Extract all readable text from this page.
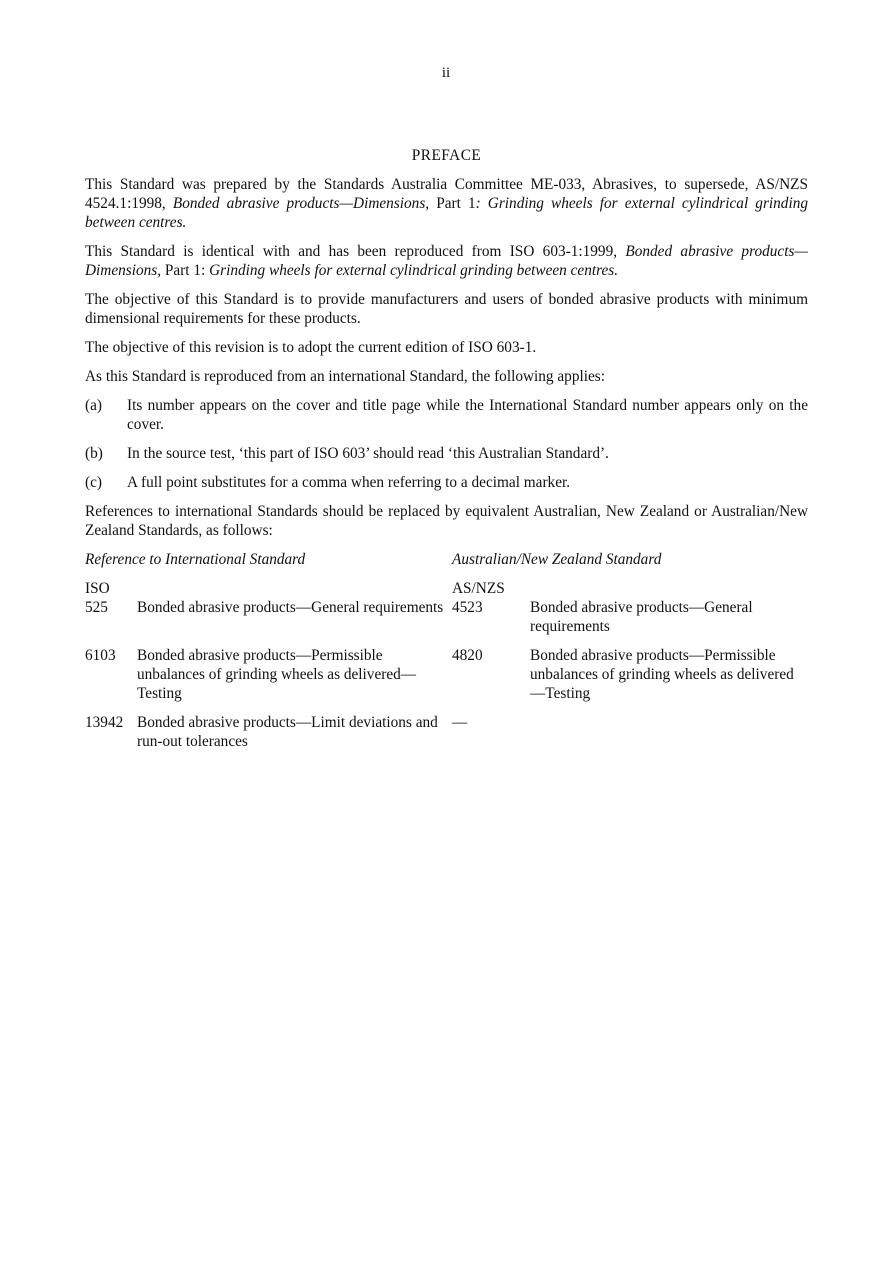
ii
PREFACE

This Standard was prepared by the Standards Australia Committee ME-033, Abrasives, to supersede, AS/NZS 4524.1:1998, Bonded abrasive products—Dimensions, Part 1: Grinding wheels for external cylindrical grinding between centres.

This Standard is identical with and has been reproduced from ISO 603-1:1999, Bonded abrasive products—Dimensions, Part 1: Grinding wheels for external cylindrical grinding between centres.

The objective of this Standard is to provide manufacturers and users of bonded abrasive products with minimum dimensional requirements for these products.

The objective of this revision is to adopt the current edition of ISO 603-1.

As this Standard is reproduced from an international Standard, the following applies:

(a)	Its number appears on the cover and title page while the International Standard number appears only on the cover.
(b)	In the source test, ‘this part of ISO 603’ should read ‘this Australian Standard’.
(c)	A full point substitutes for a comma when referring to a decimal marker.

References to international Standards should be replaced by equivalent Australian, New Zealand or Australian/New Zealand Standards, as follows:

Reference to International Standard		Australian/New Zealand Standard	
ISO		AS/NZS	
525	Bonded abrasive products—General requirements	4523	Bonded abrasive products—General requirements
6103	Bonded abrasive products—Permissible unbalances of grinding wheels as delivered—Testing	4820	Bonded abrasive products—Permissible unbalances of grinding wheels as delivered—Testing
13942	Bonded abrasive products—Limit deviations and run-out tolerances	—	
